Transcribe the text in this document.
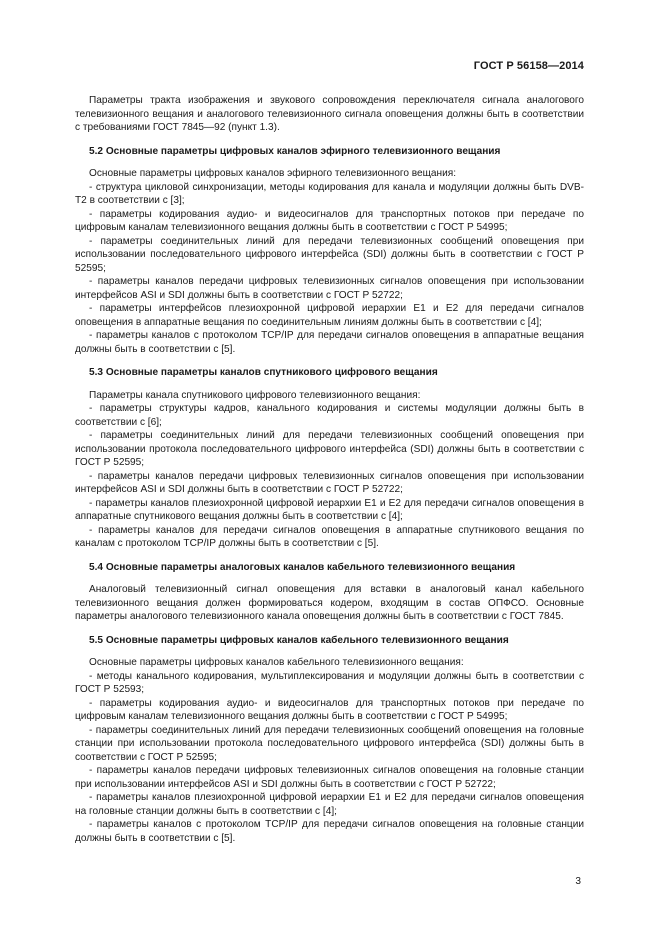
ГОСТ Р 56158—2014

Параметры тракта изображения и звукового сопровождения переключателя сигнала аналогового телевизионного вещания и аналогового телевизионного сигнала оповещения должны быть в соответствии с требованиями ГОСТ 7845—92 (пункт 1.3).

5.2 Основные параметры цифровых каналов эфирного телевизионного вещания

Основные параметры цифровых каналов эфирного телевизионного вещания:

- структура цикловой синхронизации, методы кодирования для канала и модуляции должны быть DVB-T2 в соответствии с [3];

- параметры кодирования аудио- и видеосигналов для транспортных потоков при передаче по цифровым каналам телевизионного вещания должны быть в соответствии с ГОСТ Р 54995;

- параметры соединительных линий для передачи телевизионных сообщений оповещения при использовании последовательного цифрового интерфейса (SDI) должны быть в соответствии с ГОСТ Р 52595;

- параметры каналов передачи цифровых телевизионных сигналов оповещения при использовании интерфейсов ASI и SDI должны быть в соответствии с ГОСТ Р 52722;

- параметры интерфейсов плезиохронной цифровой иерархии Е1 и Е2 для передачи сигналов оповещения в аппаратные вещания по соединительным линиям должны быть в соответствии с [4];

- параметры каналов с протоколом TCP/IP для передачи сигналов оповещения в аппаратные вещания должны быть в соответствии с [5].

5.3 Основные параметры каналов спутникового цифрового вещания

Параметры канала спутникового цифрового телевизионного вещания:

- параметры структуры кадров, канального кодирования и системы модуляции должны быть в соответствии с [6];

- параметры соединительных линий для передачи телевизионных сообщений оповещения при использовании протокола последовательного цифрового интерфейса (SDI) должны быть в соответствии с ГОСТ Р 52595;

- параметры каналов передачи цифровых телевизионных сигналов оповещения при использовании интерфейсов ASI и SDI должны быть в соответствии с ГОСТ Р 52722;

- параметры каналов плезиохронной цифровой иерархии Е1 и Е2 для передачи сигналов оповещения в аппаратные спутникового вещания должны быть в соответствии с [4];

- параметры каналов для передачи сигналов оповещения в аппаратные спутникового вещания по каналам с протоколом TCP/IP должны быть в соответствии с [5].

5.4 Основные параметры аналоговых каналов кабельного телевизионного вещания

Аналоговый телевизионный сигнал оповещения для вставки в аналоговый канал кабельного телевизионного вещания должен формироваться кодером, входящим в состав ОПФСО. Основные параметры аналогового телевизионного канала оповещения должны быть в соответствии с ГОСТ 7845.

5.5 Основные параметры цифровых каналов кабельного телевизионного вещания

Основные параметры цифровых каналов кабельного телевизионного вещания:

- методы канального кодирования, мультиплексирования и модуляции должны быть в соответствии с ГОСТ Р 52593;

- параметры кодирования аудио- и видеосигналов для транспортных потоков при передаче по цифровым каналам телевизионного вещания должны быть в соответствии с ГОСТ Р 54995;

- параметры соединительных линий для передачи телевизионных сообщений оповещения на головные станции при использовании протокола последовательного цифрового интерфейса (SDI) должны быть в соответствии с ГОСТ Р 52595;

- параметры каналов передачи цифровых телевизионных сигналов оповещения на головные станции при использовании интерфейсов ASI и SDI должны быть в соответствии с ГОСТ Р 52722;

- параметры каналов плезиохронной цифровой иерархии Е1 и Е2 для передачи сигналов оповещения на головные станции должны быть в соответствии с [4];

- параметры каналов с протоколом TCP/IP для передачи сигналов оповещения на головные станции должны быть в соответствии с [5].

3
